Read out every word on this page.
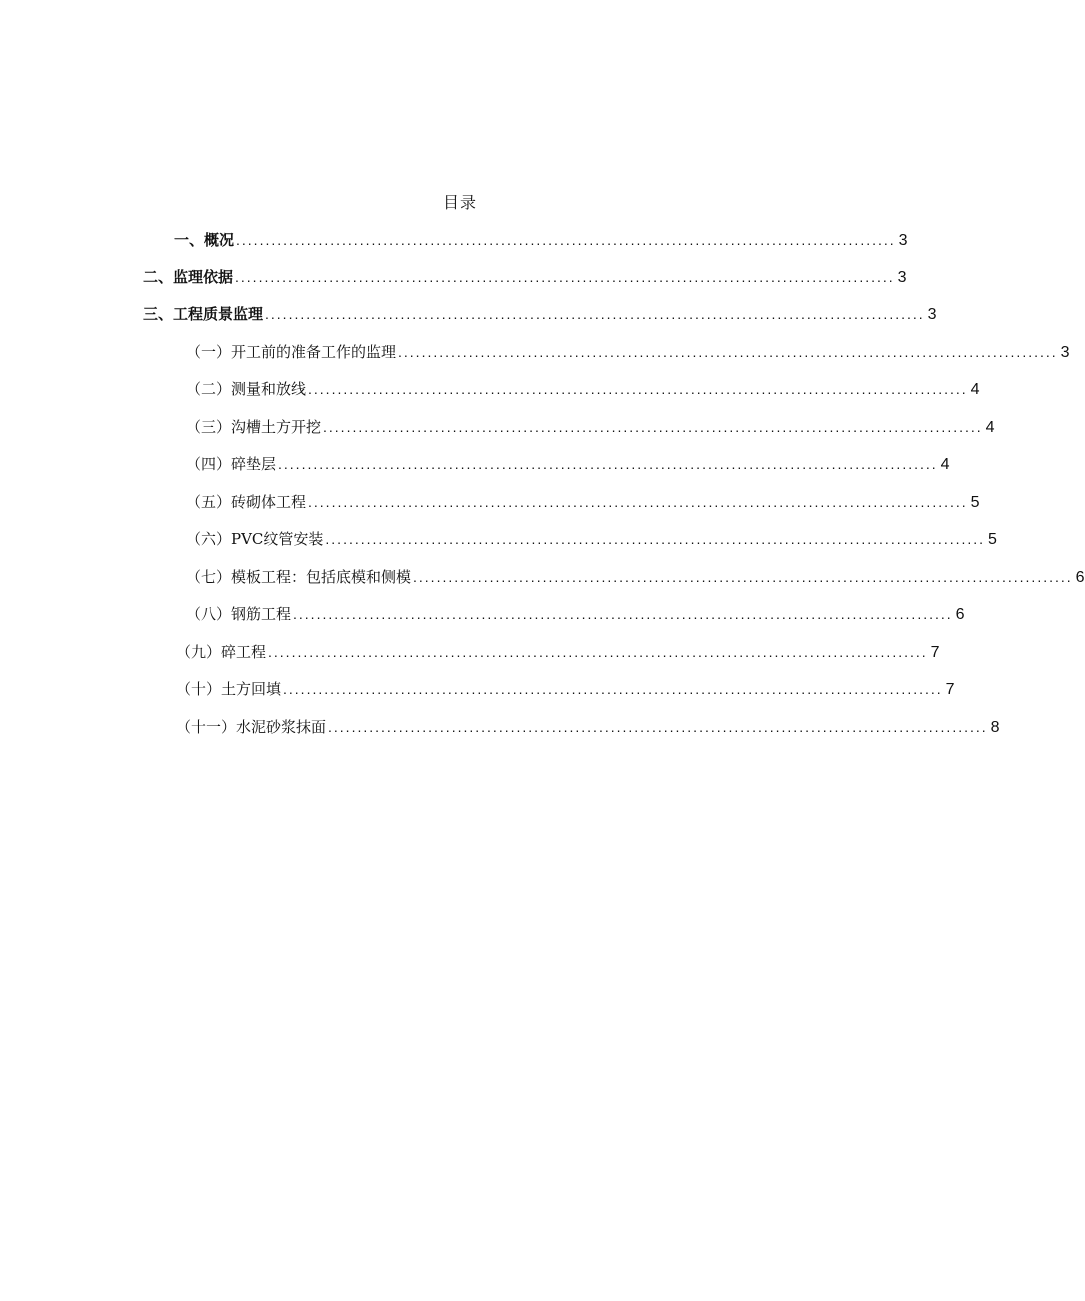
目录
一、概况 ................................................................................................................ 3
二、监理依据 ................................................................................................................ 3
三、工程质景监理 ................................................................................................................ 3
（一）开工前的准备工作的监理 ................................................................................................................ 3
（二）测量和放线 ................................................................................................................ 4
（三）沟槽土方开挖 ................................................................................................................ 4
（四）碎垫层 ................................................................................................................ 4
（五）砖砌体工程 ................................................................................................................ 5
（六）PVC纹管安装 ................................................................................................................ 5
（七）模板工程：包括底模和侧模 ................................................................................................................ 6
（八）钢筋工程 ................................................................................................................ 6
（九）碎工程 ................................................................................................................ 7
（十）土方回填 ................................................................................................................ 7
（十一）水泥砂浆抹面 ................................................................................................................ 8
